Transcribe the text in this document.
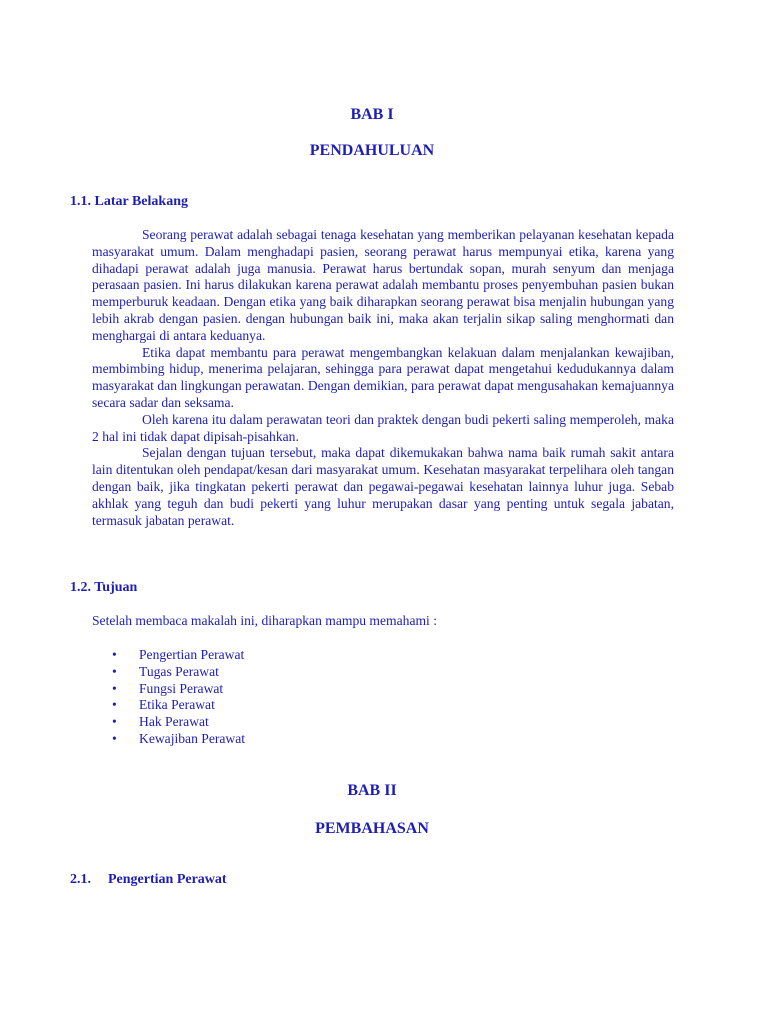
BAB I
PENDAHULUAN
1.1. Latar Belakang

Seorang perawat adalah sebagai tenaga kesehatan yang memberikan pelayanan kesehatan kepada masyarakat umum. Dalam menghadapi pasien, seorang perawat harus mempunyai etika, karena yang dihadapi perawat adalah juga manusia. Perawat harus bertundak sopan, murah senyum dan menjaga perasaan pasien. Ini harus dilakukan karena perawat adalah membantu proses penyembuhan pasien bukan memperburuk keadaan. Dengan etika yang baik diharapkan seorang perawat bisa menjalin hubungan yang lebih akrab dengan pasien. dengan hubungan baik ini, maka akan terjalin sikap saling menghormati dan menghargai di antara keduanya.

Etika dapat membantu para perawat mengembangkan kelakuan dalam menjalankan kewajiban, membimbing hidup, menerima pelajaran, sehingga para perawat dapat mengetahui kedudukannya dalam masyarakat dan lingkungan perawatan. Dengan demikian, para perawat dapat mengusahakan kemajuannya secara sadar dan seksama.

Oleh karena itu dalam perawatan teori dan praktek dengan budi pekerti saling memperoleh, maka 2 hal ini tidak dapat dipisah-pisahkan.

Sejalan dengan tujuan tersebut, maka dapat dikemukakan bahwa nama baik rumah sakit antara lain ditentukan oleh pendapat/kesan dari masyarakat umum. Kesehatan masyarakat terpelihara oleh tangan dengan baik, jika tingkatan pekerti perawat dan pegawai-pegawai kesehatan lainnya luhur juga. Sebab akhlak yang teguh dan budi pekerti yang luhur merupakan dasar yang penting untuk segala jabatan, termasuk jabatan perawat.

1.2. Tujuan

Setelah membaca makalah ini, diharapkan mampu memahami :

• Pengertian Perawat
• Tugas Perawat
• Fungsi Perawat
• Etika Perawat
• Hak Perawat
• Kewajiban Perawat
BAB II
PEMBAHASAN
2.1. Pengertian Perawat
